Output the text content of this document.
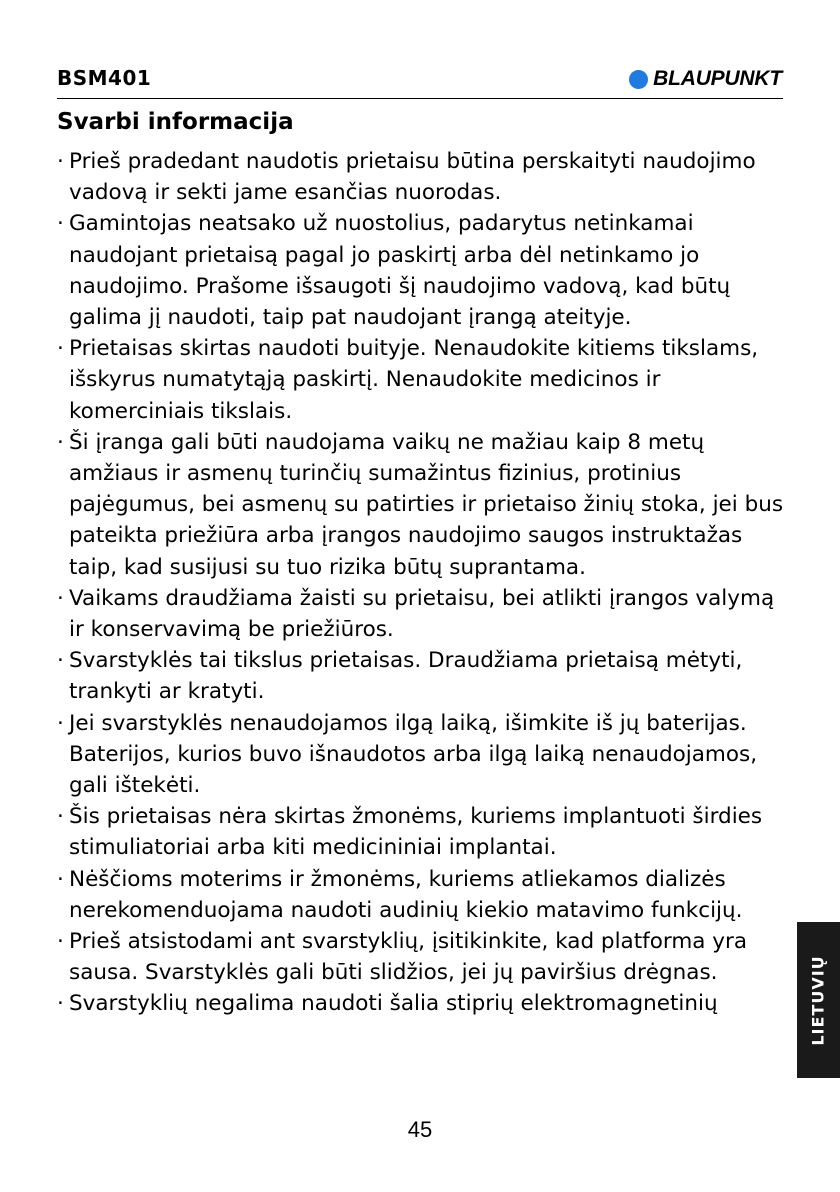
BSM401	BLAUPUNKT
Svarbi informacija
· Prieš pradedant naudotis prietaisu būtina perskaityti naudojimo vadovą ir sekti jame esančias nuorodas.
· Gamintojas neatsako už nuostolius, padarytus netinkamai naudojant prietaisą pagal jo paskirtį arba dėl netinkamo jo naudojimo. Prašome išsaugoti šį naudojimo vadovą, kad būtų galima jį naudoti, taip pat naudojant įrangą ateityje.
· Prietaisas skirtas naudoti buityje. Nenaudokite kitiems tikslams, išskyrus numatytąją paskirtį. Nenaudokite medicinos ir komerciniais tikslais.
· Ši įranga gali būti naudojama vaikų ne mažiau kaip 8 metų amžiaus ir asmenų turinčių sumažintus fizinius, protinius pajėgumus, bei asmenų su patirties ir prietaiso žinių stoka, jei bus pateikta priežiūra arba įrangos naudojimo saugos instruktažas taip, kad susijusi su tuo rizika būtų suprantama.
· Vaikams draudžiama žaisti su prietaisu, bei atlikti įrangos valymą ir konservavimą be priežiūros.
· Svarstyklės tai tikslus prietaisas. Draudžiama prietaisą mėtyti, trankyti ar kratyti.
· Jei svarstyklės nenaudojamos ilgą laiką, išimkite iš jų baterijas. Baterijos, kurios buvo išnaudotos arba ilgą laiką nenaudojamos, gali ištekėti.
· Šis prietaisas nėra skirtas žmonėms, kuriems implantuoti širdies stimuliatoriai arba kiti medicininiai implantai.
· Nėščioms moterims ir žmonėms, kuriems atliekamos dializės nerekomenduojama naudoti audinių kiekio matavimo funkcijų.
· Prieš atsistodami ant svarstyklių, įsitikinkite, kad platforma yra sausa. Svarstyklės gali būti slidžios, jei jų paviršius drėgnas.
· Svarstyklių negalima naudoti šalia stiprių elektromagnetinių
45
LIETUVIŲ
